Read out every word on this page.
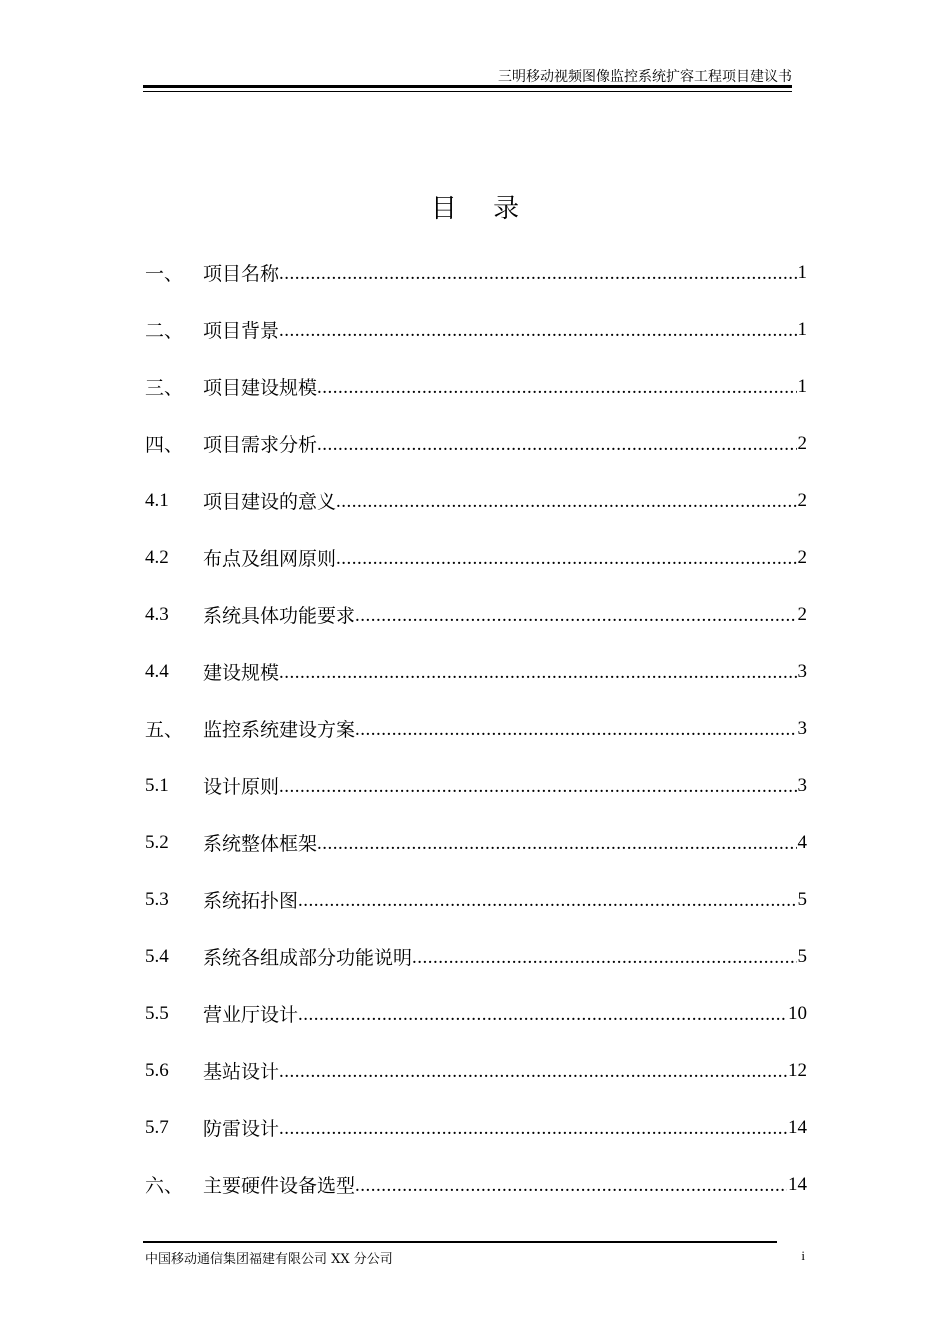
三明移动视频图像监控系统扩容工程项目建议书
目 录
一、	项目名称 .....	1
二、	项目背景 .....	1
三、	项目建设规模 .....	1
四、	项目需求分析 .....	2
4.1	项目建设的意义 .....	2
4.2	布点及组网原则 .....	2
4.3	系统具体功能要求 .....	2
4.4	建设规模 .....	3
五、	监控系统建设方案 .....	3
5.1	设计原则 .....	3
5.2	系统整体框架 .....	4
5.3	系统拓扑图 .....	5
5.4	系统各组成部分功能说明 .....	5
5.5	营业厅设计 .....	10
5.6	基站设计 .....	12
5.7	防雷设计 .....	14
六、	主要硬件设备选型 .....	14
中国移动通信集团福建有限公司 XX 分公司	i
